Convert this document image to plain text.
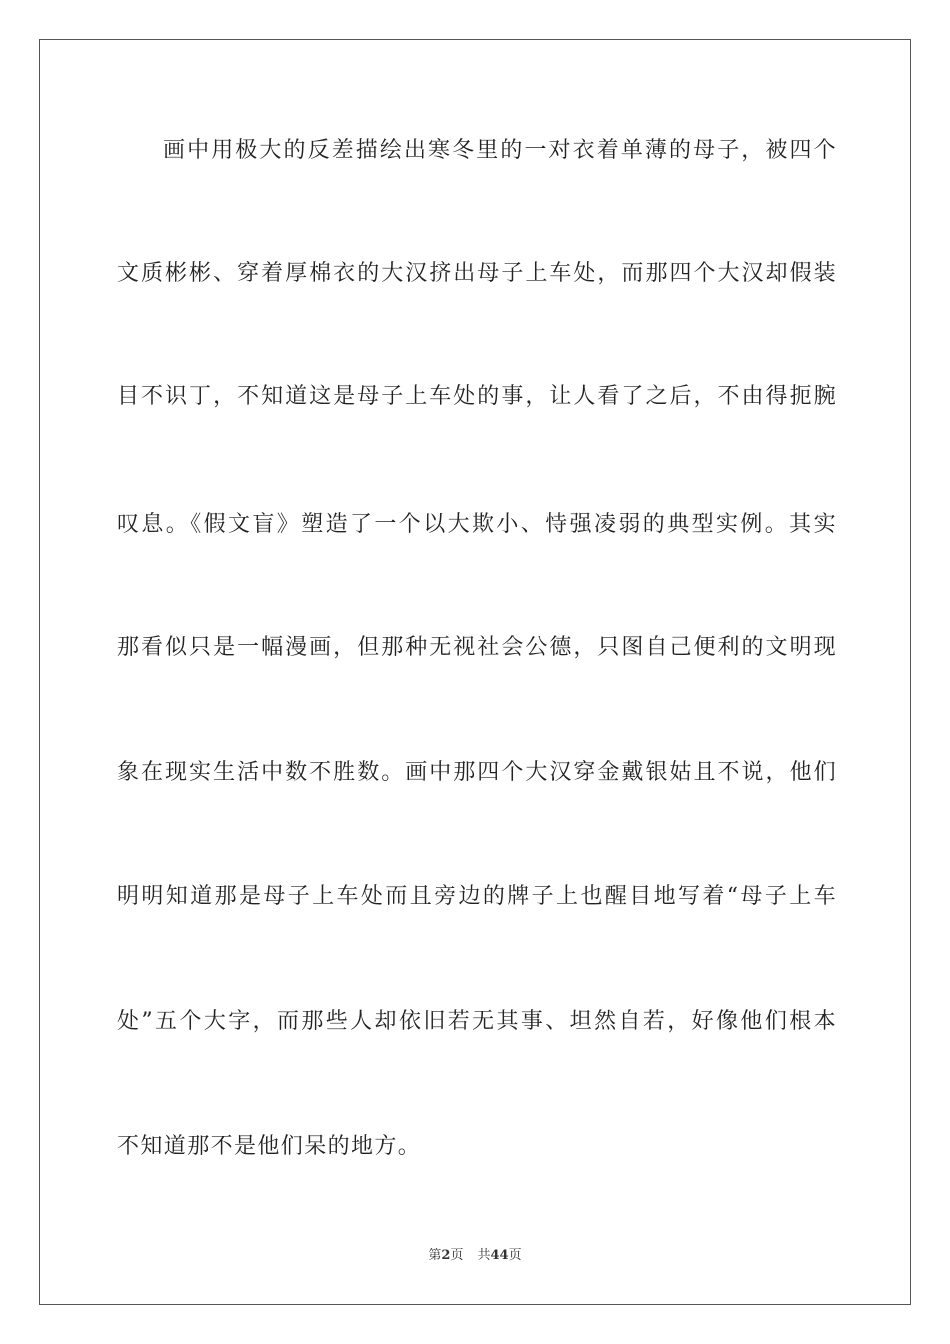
画中用极大的反差描绘出寒冬里的一对衣着单薄的母子，被四个
文质彬彬、穿着厚棉衣的大汉挤出母子上车处，而那四个大汉却假装
目不识丁，不知道这是母子上车处的事，让人看了之后，不由得扼腕
叹息。《假文盲》塑造了一个以大欺小、恃强凌弱的典型实例。其实
那看似只是一幅漫画，但那种无视社会公德，只图自己便利的文明现
象在现实生活中数不胜数。画中那四个大汉穿金戴银姑且不说，他们
明明知道那是母子上车处而且旁边的牌子上也醒目地写着“母子上车
处”五个大字，而那些人却依旧若无其事、坦然自若，好像他们根本
不知道那不是他们呆的地方。
第2页 共44页
